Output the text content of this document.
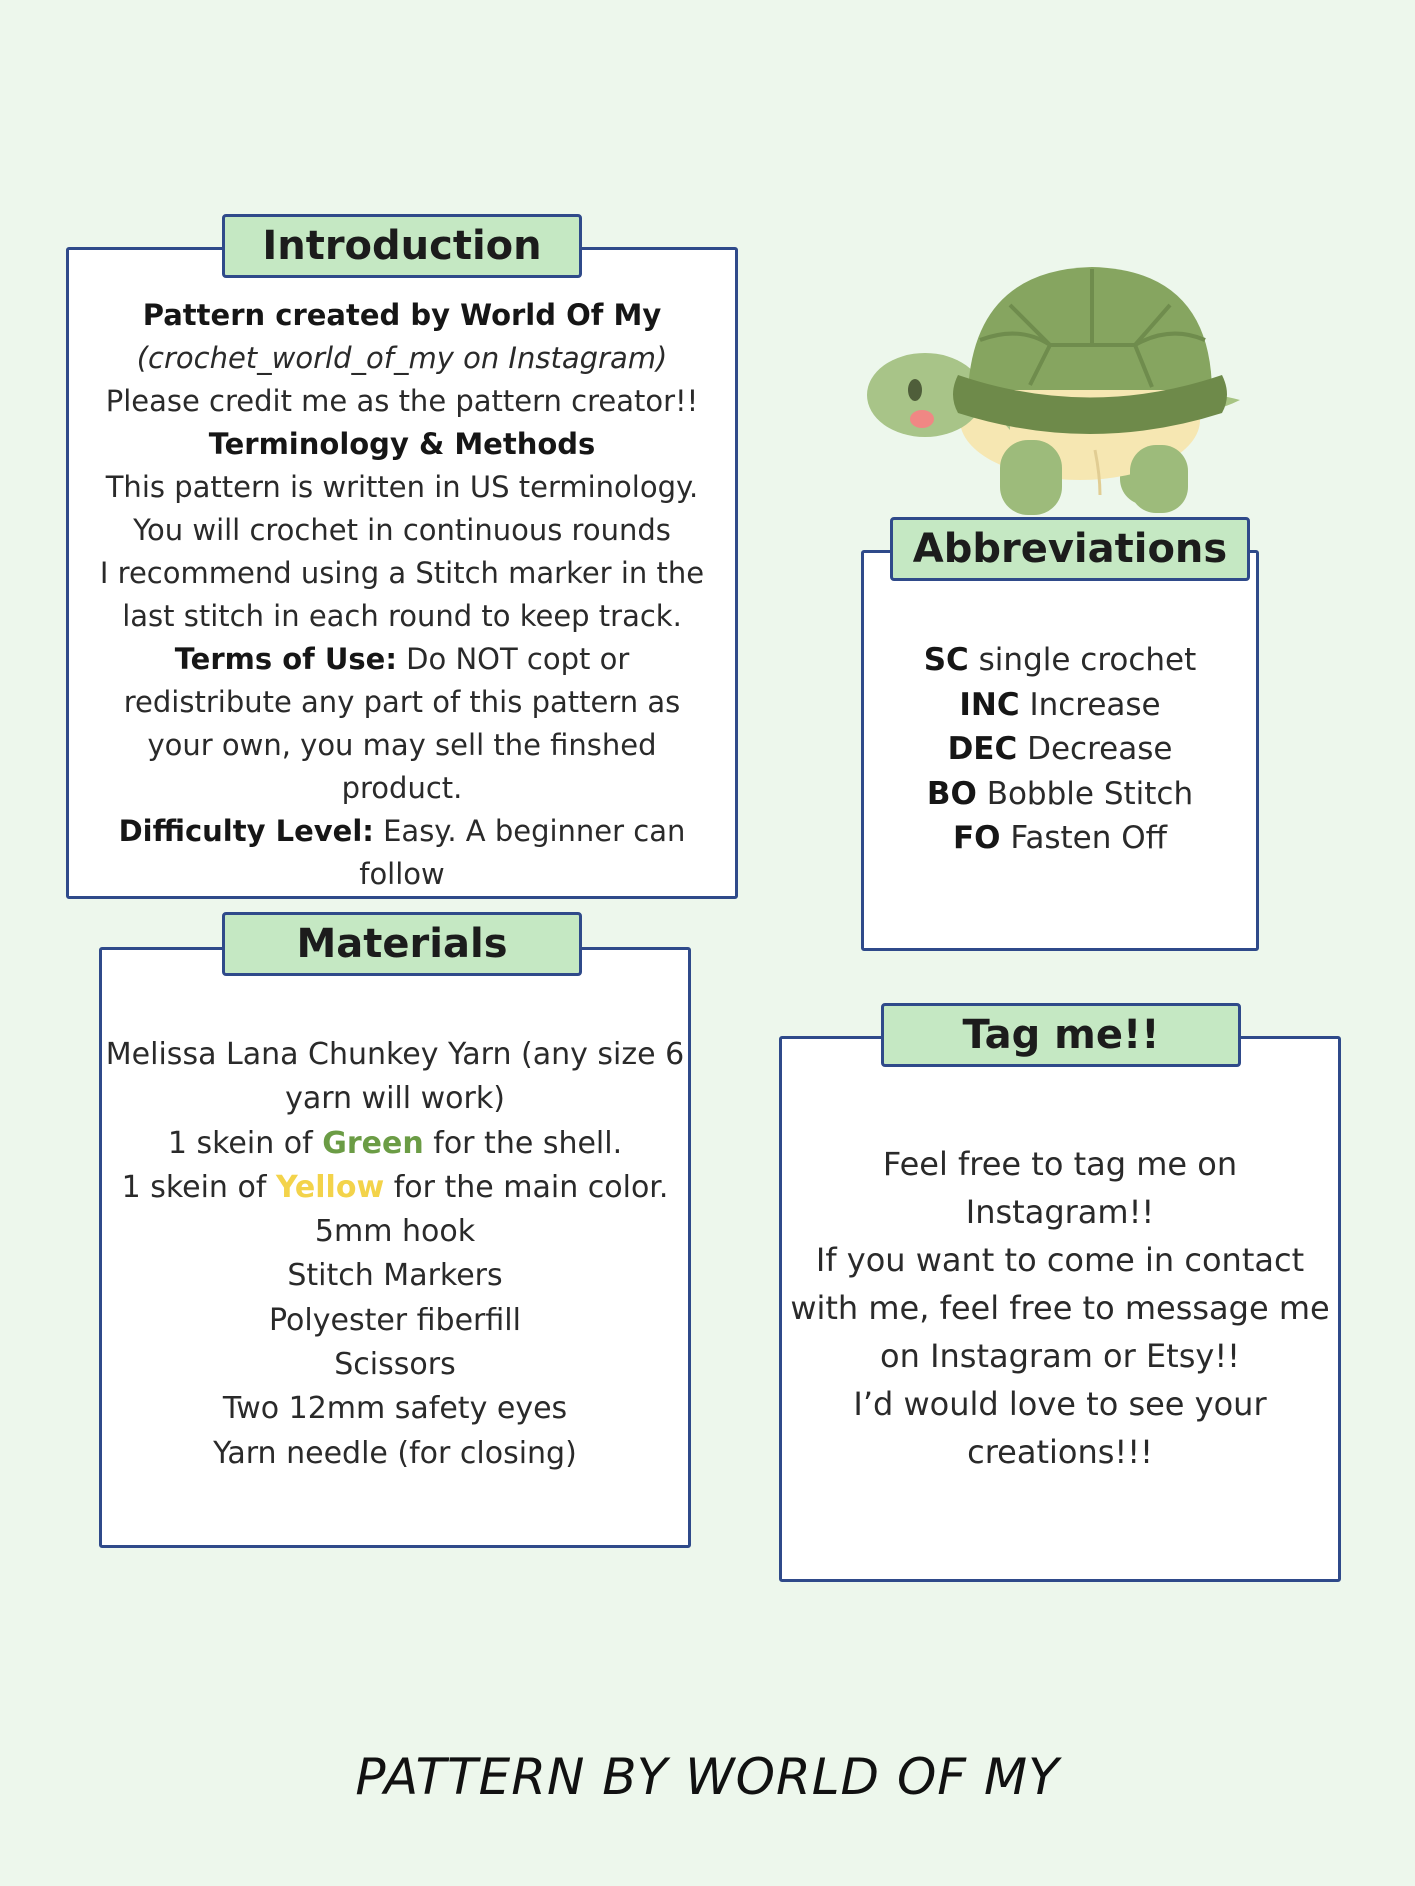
Introduction
Pattern created by World Of My
(crochet_world_of_my on Instagram)
Please credit me as the pattern creator!!
Terminology & Methods
This pattern is written in US terminology.
You will crochet in continuous rounds
I recommend using a Stitch marker in the
last stitch in each round to keep track.
Terms of Use: Do NOT copt or
redistribute any part of this pattern as
your own, you may sell the finshed
product.
Difficulty Level: Easy. A beginner can
follow
Abbreviations
SC single crochet
INC Increase
DEC Decrease
BO Bobble Stitch
FO Fasten Off
Materials
Melissa Lana Chunkey Yarn (any size 6
yarn will work)
1 skein of Green for the shell.
1 skein of Yellow for the main color.
5mm hook
Stitch Markers
Polyester fiberfill
Scissors
Two 12mm safety eyes
Yarn needle (for closing)
Tag me!!
Feel free to tag me on
Instagram!!
If you want to come in contact
with me, feel free to message me
on Instagram or Etsy!!
I’d would love to see your
creations!!!
PATTERN BY WORLD OF MY
